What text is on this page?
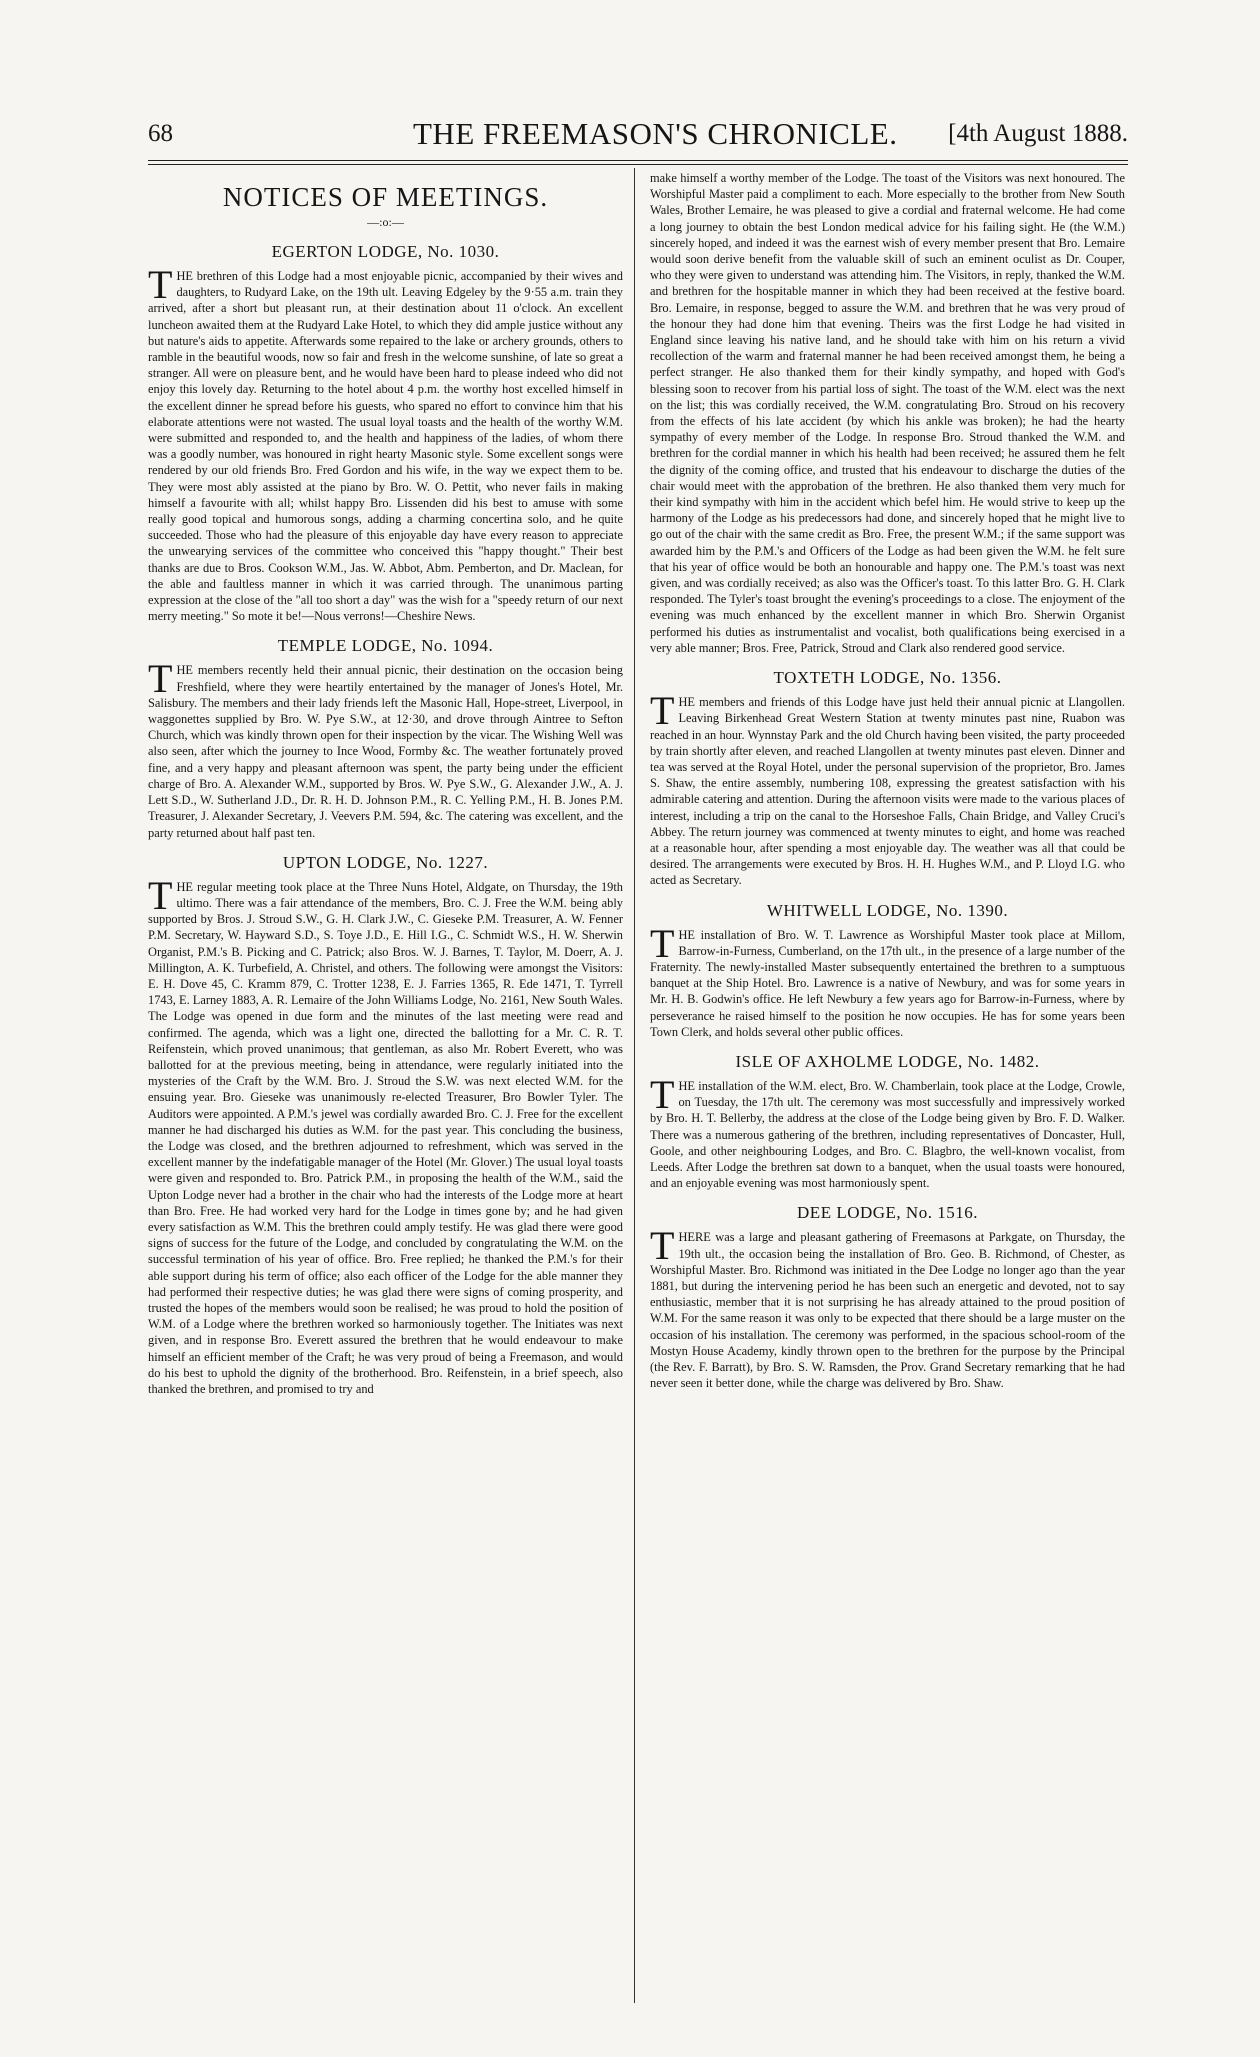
68	THE FREEMASON'S CHRONICLE. [4th August 1888.
NOTICES OF MEETINGS.
—:o:—
EGERTON LODGE, No. 1030.

THE brethren of this Lodge had a most enjoyable picnic, accompanied by their wives and daughters, to Rudyard Lake, on the 19th ult. Leaving Edgeley by the 9·55 a.m. train they arrived, after a short but pleasant run, at their destination about 11 o'clock. An excellent luncheon awaited them at the Rudyard Lake Hotel, to which they did ample justice without any but nature's aids to appetite. Afterwards some repaired to the lake or archery grounds, others to ramble in the beautiful woods, now so fair and fresh in the welcome sunshine, of late so great a stranger. All were on pleasure bent, and he would have been hard to please indeed who did not enjoy this lovely day. Returning to the hotel about 4 p.m. the worthy host excelled himself in the excellent dinner he spread before his guests, who spared no effort to convince him that his elaborate attentions were not wasted. The usual loyal toasts and the health of the worthy W.M. were submitted and responded to, and the health and happiness of the ladies, of whom there was a goodly number, was honoured in right hearty Masonic style. Some excellent songs were rendered by our old friends Bro. Fred Gordon and his wife, in the way we expect them to be. They were most ably assisted at the piano by Bro. W. O. Pettit, who never fails in making himself a favourite with all; whilst happy Bro. Lissenden did his best to amuse with some really good topical and humorous songs, adding a charming concertina solo, and he quite succeeded. Those who had the pleasure of this enjoyable day have every reason to appreciate the unwearying services of the committee who conceived this "happy thought." Their best thanks are due to Bros. Cookson W.M., Jas. W. Abbot, Abm. Pemberton, and Dr. Maclean, for the able and faultless manner in which it was carried through. The unanimous parting expression at the close of the "all too short a day" was the wish for a "speedy return of our next merry meeting." So mote it be!—Nous verrons!—Cheshire News.

TEMPLE LODGE, No. 1094.

THE members recently held their annual picnic, their destination on the occasion being Freshfield, where they were heartily entertained by the manager of Jones's Hotel, Mr. Salisbury. The members and their lady friends left the Masonic Hall, Hope-street, Liverpool, in waggonettes supplied by Bro. W. Pye S.W., at 12·30, and drove through Aintree to Sefton Church, which was kindly thrown open for their inspection by the vicar. The Wishing Well was also seen, after which the journey to Ince Wood, Formby &c. The weather fortunately proved fine, and a very happy and pleasant afternoon was spent, the party being under the efficient charge of Bro. A. Alexander W.M., supported by Bros. W. Pye S.W., G. Alexander J.W., A. J. Lett S.D., W. Sutherland J.D., Dr. R. H. D. Johnson P.M., R. C. Yelling P.M., H. B. Jones P.M. Treasurer, J. Alexander Secretary, J. Veevers P.M. 594, &c. The catering was excellent, and the party returned about half past ten.

UPTON LODGE, No. 1227.

THE regular meeting took place at the Three Nuns Hotel, Aldgate, on Thursday, the 19th ultimo. There was a fair attendance of the members, Bro. C. J. Free the W.M. being ably supported by Bros. J. Stroud S.W., G. H. Clark J.W., C. Gieseke P.M. Treasurer, A. W. Fenner P.M. Secretary, W. Hayward S.D., S. Toye J.D., E. Hill I.G., C. Schmidt W.S., H. W. Sherwin Organist, P.M.'s B. Picking and C. Patrick; also Bros. W. J. Barnes, T. Taylor, M. Doerr, A. J. Millington, A. K. Turbefield, A. Christel, and others. The following were amongst the Visitors: E. H. Dove 45, C. Kramm 879, C. Trotter 1238, E. J. Farries 1365, R. Ede 1471, T. Tyrrell 1743, E. Larney 1883, A. R. Lemaire of the John Williams Lodge, No. 2161, New South Wales. The Lodge was opened in due form and the minutes of the last meeting were read and confirmed. The agenda, which was a light one, directed the ballotting for a Mr. C. R. T. Reifenstein, which proved unanimous; that gentleman, as also Mr. Robert Everett, who was ballotted for at the previous meeting, being in attendance, were regularly initiated into the mysteries of the Craft by the W.M. Bro. J. Stroud the S.W. was next elected W.M. for the ensuing year. Bro. Gieseke was unanimously re-elected Treasurer, Bro Bowler Tyler. The Auditors were appointed. A P.M.'s jewel was cordially awarded Bro. C. J. Free for the excellent manner he had discharged his duties as W.M. for the past year. This concluding the business, the Lodge was closed, and the brethren adjourned to refreshment, which was served in the excellent manner by the indefatigable manager of the Hotel (Mr. Glover.) The usual loyal toasts were given and responded to. Bro. Patrick P.M., in proposing the health of the W.M., said the Upton Lodge never had a brother in the chair who had the interests of the Lodge more at heart than Bro. Free. He had worked very hard for the Lodge in times gone by; and he had given every satisfaction as W.M. This the brethren could amply testify. He was glad there were good signs of success for the future of the Lodge, and concluded by congratulating the W.M. on the successful termination of his year of office. Bro. Free replied; he thanked the P.M.'s for their able support during his term of office; also each officer of the Lodge for the able manner they had performed their respective duties; he was glad there were signs of coming prosperity, and trusted the hopes of the members would soon be realised; he was proud to hold the position of W.M. of a Lodge where the brethren worked so harmoniously together. The Initiates was next given, and in response Bro. Everett assured the brethren that he would endeavour to make himself an efficient member of the Craft; he was very proud of being a Freemason, and would do his best to uphold the dignity of the brotherhood. Bro. Reifenstein, in a brief speech, also thanked the brethren, and promised to try and

make himself a worthy member of the Lodge. The toast of the Visitors was next honoured. The Worshipful Master paid a compliment to each. More especially to the brother from New South Wales, Brother Lemaire, he was pleased to give a cordial and fraternal welcome. He had come a long journey to obtain the best London medical advice for his failing sight. He (the W.M.) sincerely hoped, and indeed it was the earnest wish of every member present that Bro. Lemaire would soon derive benefit from the valuable skill of such an eminent oculist as Dr. Couper, who they were given to understand was attending him. The Visitors, in reply, thanked the W.M. and brethren for the hospitable manner in which they had been received at the festive board. Bro. Lemaire, in response, begged to assure the W.M. and brethren that he was very proud of the honour they had done him that evening. Theirs was the first Lodge he had visited in England since leaving his native land, and he should take with him on his return a vivid recollection of the warm and fraternal manner he had been received amongst them, he being a perfect stranger. He also thanked them for their kindly sympathy, and hoped with God's blessing soon to recover from his partial loss of sight. The toast of the W.M. elect was the next on the list; this was cordially received, the W.M. congratulating Bro. Stroud on his recovery from the effects of his late accident (by which his ankle was broken); he had the hearty sympathy of every member of the Lodge. In response Bro. Stroud thanked the W.M. and brethren for the cordial manner in which his health had been received; he assured them he felt the dignity of the coming office, and trusted that his endeavour to discharge the duties of the chair would meet with the approbation of the brethren. He also thanked them very much for their kind sympathy with him in the accident which befel him. He would strive to keep up the harmony of the Lodge as his predecessors had done, and sincerely hoped that he might live to go out of the chair with the same credit as Bro. Free, the present W.M.; if the same support was awarded him by the P.M.'s and Officers of the Lodge as had been given the W.M. he felt sure that his year of office would be both an honourable and happy one. The P.M.'s toast was next given, and was cordially received; as also was the Officer's toast. To this latter Bro. G. H. Clark responded. The Tyler's toast brought the evening's proceedings to a close. The enjoyment of the evening was much enhanced by the excellent manner in which Bro. Sherwin Organist performed his duties as instrumentalist and vocalist, both qualifications being exercised in a very able manner; Bros. Free, Patrick, Stroud and Clark also rendered good service.

TOXTETH LODGE, No. 1356.

THE members and friends of this Lodge have just held their annual picnic at Llangollen. Leaving Birkenhead Great Western Station at twenty minutes past nine, Ruabon was reached in an hour. Wynnstay Park and the old Church having been visited, the party proceeded by train shortly after eleven, and reached Llangollen at twenty minutes past eleven. Dinner and tea was served at the Royal Hotel, under the personal supervision of the proprietor, Bro. James S. Shaw, the entire assembly, numbering 108, expressing the greatest satisfaction with his admirable catering and attention. During the afternoon visits were made to the various places of interest, including a trip on the canal to the Horseshoe Falls, Chain Bridge, and Valley Cruci's Abbey. The return journey was commenced at twenty minutes to eight, and home was reached at a reasonable hour, after spending a most enjoyable day. The weather was all that could be desired. The arrangements were executed by Bros. H. H. Hughes W.M., and P. Lloyd I.G. who acted as Secretary.

WHITWELL LODGE, No. 1390.

THE installation of Bro. W. T. Lawrence as Worshipful Master took place at Millom, Barrow-in-Furness, Cumberland, on the 17th ult., in the presence of a large number of the Fraternity. The newly-installed Master subsequently entertained the brethren to a sumptuous banquet at the Ship Hotel. Bro. Lawrence is a native of Newbury, and was for some years in Mr. H. B. Godwin's office. He left Newbury a few years ago for Barrow-in-Furness, where by perseverance he raised himself to the position he now occupies. He has for some years been Town Clerk, and holds several other public offices.

ISLE OF AXHOLME LODGE, No. 1482.

THE installation of the W.M. elect, Bro. W. Chamberlain, took place at the Lodge, Crowle, on Tuesday, the 17th ult. The ceremony was most successfully and impressively worked by Bro. H. T. Bellerby, the address at the close of the Lodge being given by Bro. F. D. Walker. There was a numerous gathering of the brethren, including representatives of Doncaster, Hull, Goole, and other neighbouring Lodges, and Bro. C. Blagbro, the well-known vocalist, from Leeds. After Lodge the brethren sat down to a banquet, when the usual toasts were honoured, and an enjoyable evening was most harmoniously spent.

DEE LODGE, No. 1516.

THERE was a large and pleasant gathering of Freemasons at Parkgate, on Thursday, the 19th ult., the occasion being the installation of Bro. Geo. B. Richmond, of Chester, as Worshipful Master. Bro. Richmond was initiated in the Dee Lodge no longer ago than the year 1881, but during the intervening period he has been such an energetic and devoted, not to say enthusiastic, member that it is not surprising he has already attained to the proud position of W.M. For the same reason it was only to be expected that there should be a large muster on the occasion of his installation. The ceremony was performed, in the spacious school-room of the Mostyn House Academy, kindly thrown open to the brethren for the purpose by the Principal (the Rev. F. Barratt), by Bro. S. W. Ramsden, the Prov. Grand Secretary remarking that he had never seen it better done, while the charge was delivered by Bro. Shaw.
